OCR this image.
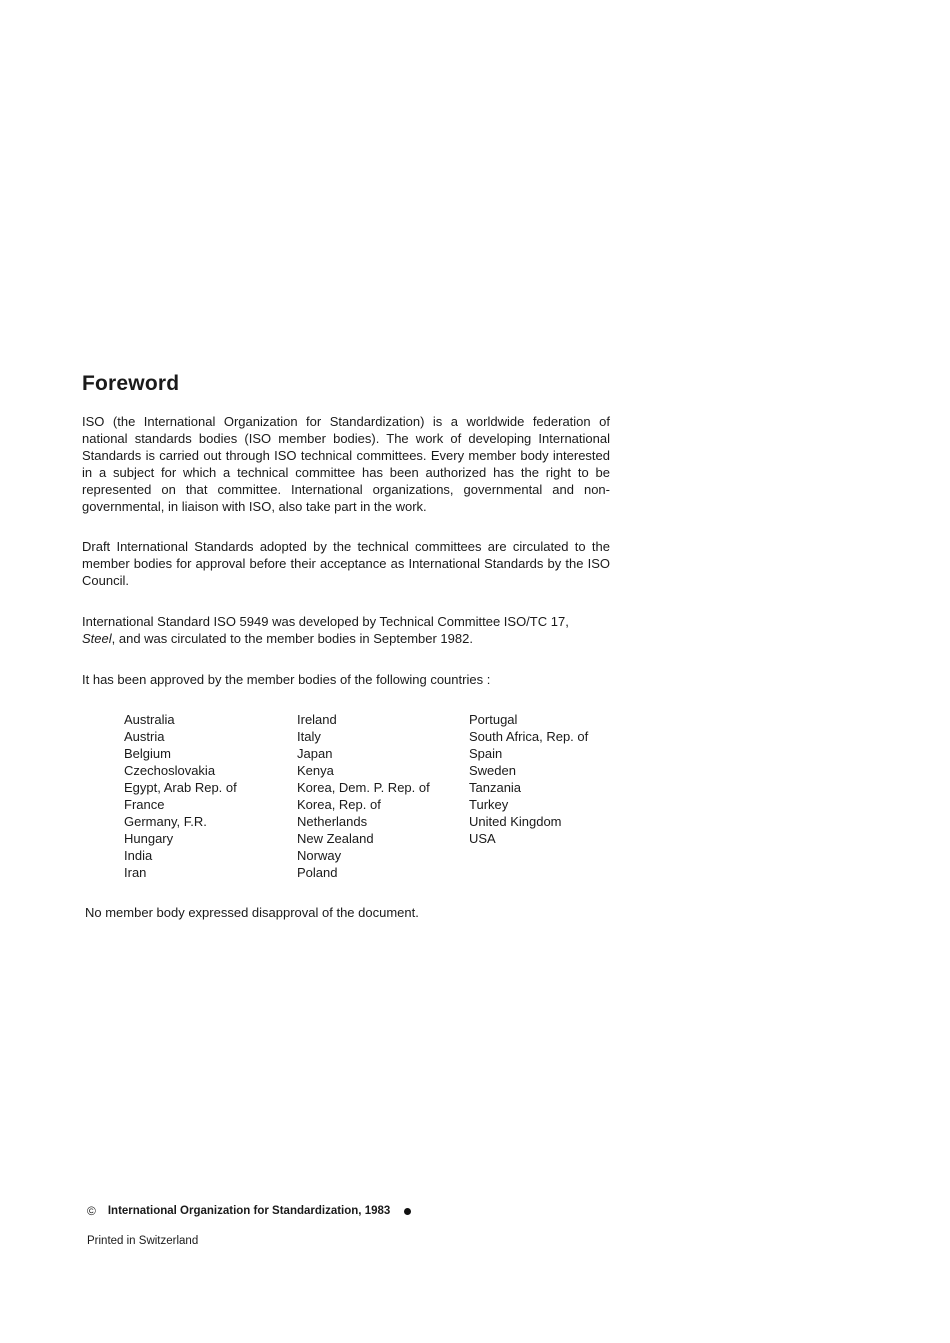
Foreword

ISO (the International Organization for Standardization) is a worldwide federation of national standards bodies (ISO member bodies). The work of developing International Standards is carried out through ISO technical committees. Every member body interested in a subject for which a technical committee has been authorized has the right to be represented on that committee. International organizations, governmental and non-governmental, in liaison with ISO, also take part in the work.

Draft International Standards adopted by the technical committees are circulated to the member bodies for approval before their acceptance as International Standards by the ISO Council.

International Standard ISO 5949 was developed by Technical Committee ISO/TC 17,
Steel, and was circulated to the member bodies in September 1982.

It has been approved by the member bodies of the following countries :

Australia
Austria
Belgium
Czechoslovakia
Egypt, Arab Rep. of
France
Germany, F.R.
Hungary
India
Iran
Ireland
Italy
Japan
Kenya
Korea, Dem. P. Rep. of
Korea, Rep. of
Netherlands
New Zealand
Norway
Poland
Portugal
South Africa, Rep. of
Spain
Sweden
Tanzania
Turkey
United Kingdom
USA

No member body expressed disapproval of the document.

© International Organization for Standardization, 1983
Printed in Switzerland
